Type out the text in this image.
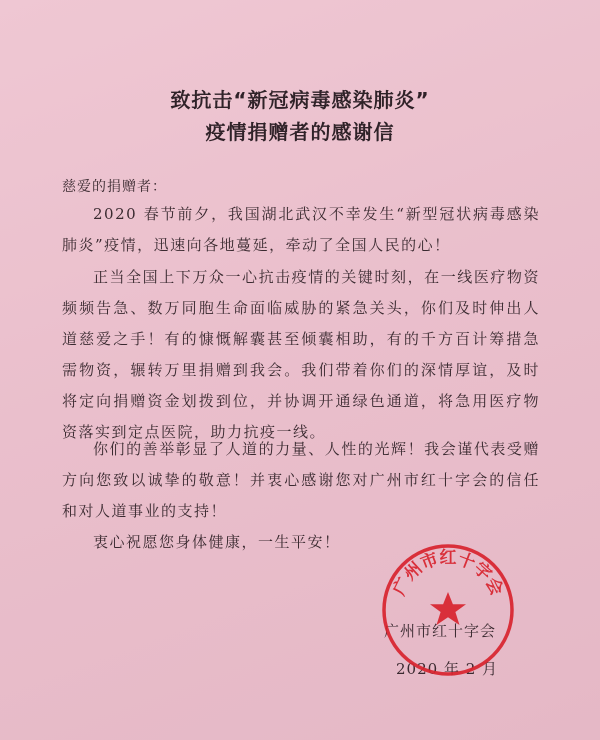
致抗击“新冠病毒感染肺炎”
疫情捐赠者的感谢信
慈爱的捐赠者：
2020 春节前夕，我国湖北武汉不幸发生“新型冠状病毒感染肺炎”疫情，迅速向各地蔓延，牵动了全国人民的心！
正当全国上下万众一心抗击疫情的关键时刻，在一线医疗物资频频告急、数万同胞生命面临威胁的紧急关头，你们及时伸出人道慈爱之手！有的慷慨解囊甚至倾囊相助，有的千方百计筹措急需物资，辗转万里捐赠到我会。我们带着你们的深情厚谊，及时将定向捐赠资金划拨到位，并协调开通绿色通道，将急用医疗物资落实到定点医院，助力抗疫一线。
你们的善举彰显了人道的力量、人性的光辉！我会谨代表受赠方向您致以诚挚的敬意！并衷心感谢您对广州市红十字会的信任和对人道事业的支持！
衷心祝愿您身体健康，一生平安！
广州市红十字会
2020 年 2 月
广州市红十字会
